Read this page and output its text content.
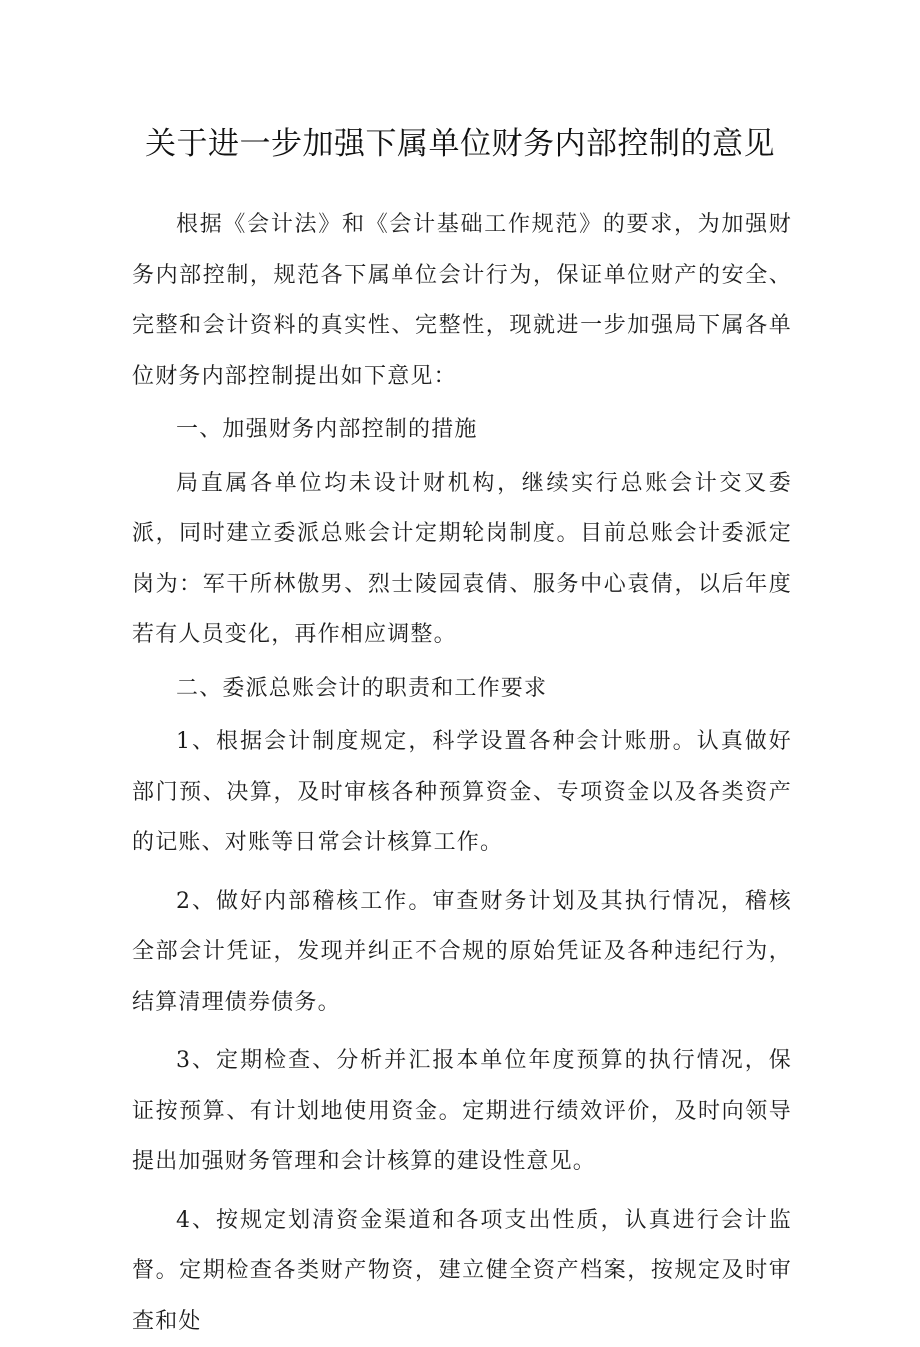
关于进一步加强下属单位财务内部控制的意见

根据《会计法》和《会计基础工作规范》的要求，为加强财务内部控制，规范各下属单位会计行为，保证单位财产的安全、完整和会计资料的真实性、完整性，现就进一步加强局下属各单位财务内部控制提出如下意见：

一、加强财务内部控制的措施

局直属各单位均未设计财机构，继续实行总账会计交叉委派，同时建立委派总账会计定期轮岗制度。目前总账会计委派定岗为：军干所林傲男、烈士陵园袁倩、服务中心袁倩，以后年度若有人员变化，再作相应调整。

二、委派总账会计的职责和工作要求

1、根据会计制度规定，科学设置各种会计账册。认真做好部门预、决算，及时审核各种预算资金、专项资金以及各类资产的记账、对账等日常会计核算工作。

2、做好内部稽核工作。审查财务计划及其执行情况，稽核全部会计凭证，发现并纠正不合规的原始凭证及各种违纪行为，结算清理债券债务。

3、定期检查、分析并汇报本单位年度预算的执行情况，保证按预算、有计划地使用资金。定期进行绩效评价，及时向领导提出加强财务管理和会计核算的建设性意见。

4、按规定划清资金渠道和各项支出性质，认真进行会计监督。定期检查各类财产物资，建立健全资产档案，按规定及时审查和处
